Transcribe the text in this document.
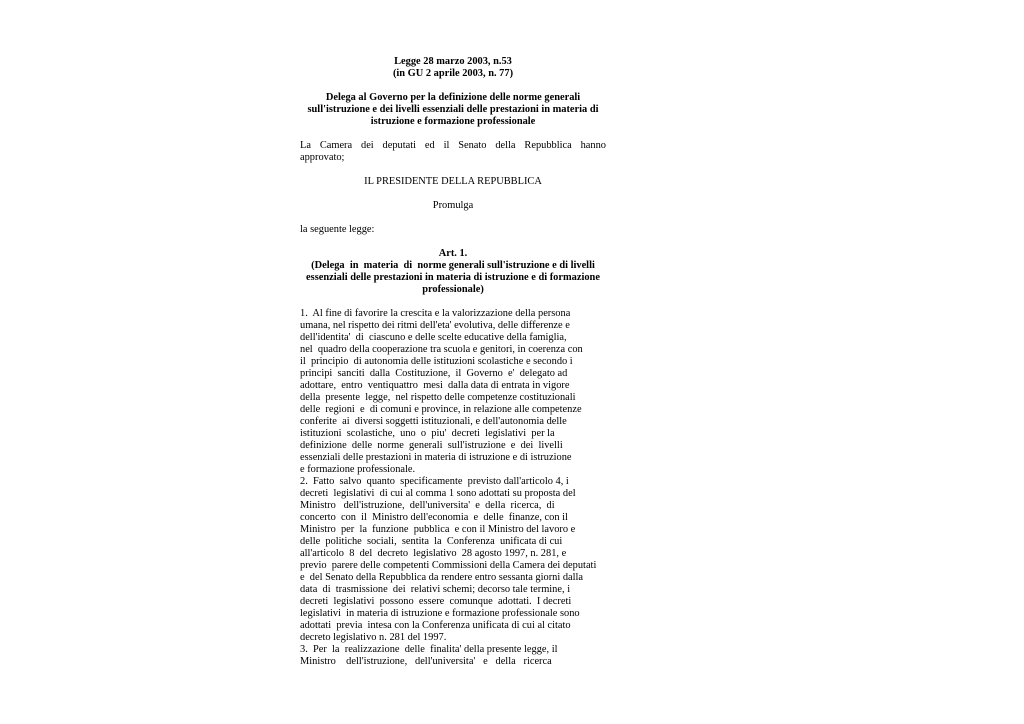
Legge 28 marzo 2003, n.53
(in GU 2 aprile 2003, n. 77)
Delega al Governo per la definizione delle norme generali
sull'istruzione e dei livelli essenziali delle prestazioni in materia di
istruzione e formazione professionale
La Camera dei deputati ed il Senato della Repubblica hanno
approvato;
IL PRESIDENTE DELLA REPUBBLICA
Promulga
la seguente legge:
Art. 1.
(Delega  in  materia  di  norme generali sull'istruzione e di livelli
essenziali delle prestazioni in materia di istruzione e di formazione
professionale)
1.  Al fine di favorire la crescita e la valorizzazione della persona
umana, nel rispetto dei ritmi dell'eta' evolutiva, delle differenze e
dell'identita'  di  ciascuno e delle scelte educative della famiglia,
nel  quadro della cooperazione tra scuola e genitori, in coerenza con
il  principio  di autonomia delle istituzioni scolastiche e secondo i
principi  sanciti  dalla  Costituzione,  il  Governo  e'  delegato ad
adottare,  entro  ventiquattro  mesi  dalla data di entrata in vigore
della  presente  legge,  nel rispetto delle competenze costituzionali
delle  regioni  e  di comuni e province, in relazione alle competenze
conferite  ai  diversi soggetti istituzionali, e dell'autonomia delle
istituzioni  scolastiche,  uno  o  piu'  decreti  legislativi  per la
definizione  delle  norme  generali  sull'istruzione  e  dei  livelli
essenziali delle prestazioni in materia di istruzione e di istruzione
e formazione professionale.
2.  Fatto  salvo  quanto  specificamente  previsto dall'articolo 4, i
decreti  legislativi  di cui al comma 1 sono adottati su proposta del
Ministro   dell'istruzione,  dell'universita'  e  della  ricerca,  di
concerto  con  il  Ministro dell'economia  e  delle  finanze, con il
Ministro  per  la  funzione  pubblica  e con il Ministro del lavoro e
delle  politiche  sociali,  sentita  la  Conferenza  unificata di cui
all'articolo  8  del  decreto  legislativo  28 agosto 1997, n. 281, e
previo  parere delle competenti Commissioni della Camera dei deputati
e  del Senato della Repubblica da rendere entro sessanta giorni dalla
data  di  trasmissione  dei  relativi schemi; decorso tale termine, i
decreti  legislativi  possono  essere  comunque  adottati.  I decreti
legislativi  in materia di istruzione e formazione professionale sono
adottati  previa  intesa con la Conferenza unificata di cui al citato
decreto legislativo n. 281 del 1997.
3.  Per  la  realizzazione  delle  finalita' della presente legge, il
Ministro    dell'istruzione,   dell'universita'   e   della   ricerca
